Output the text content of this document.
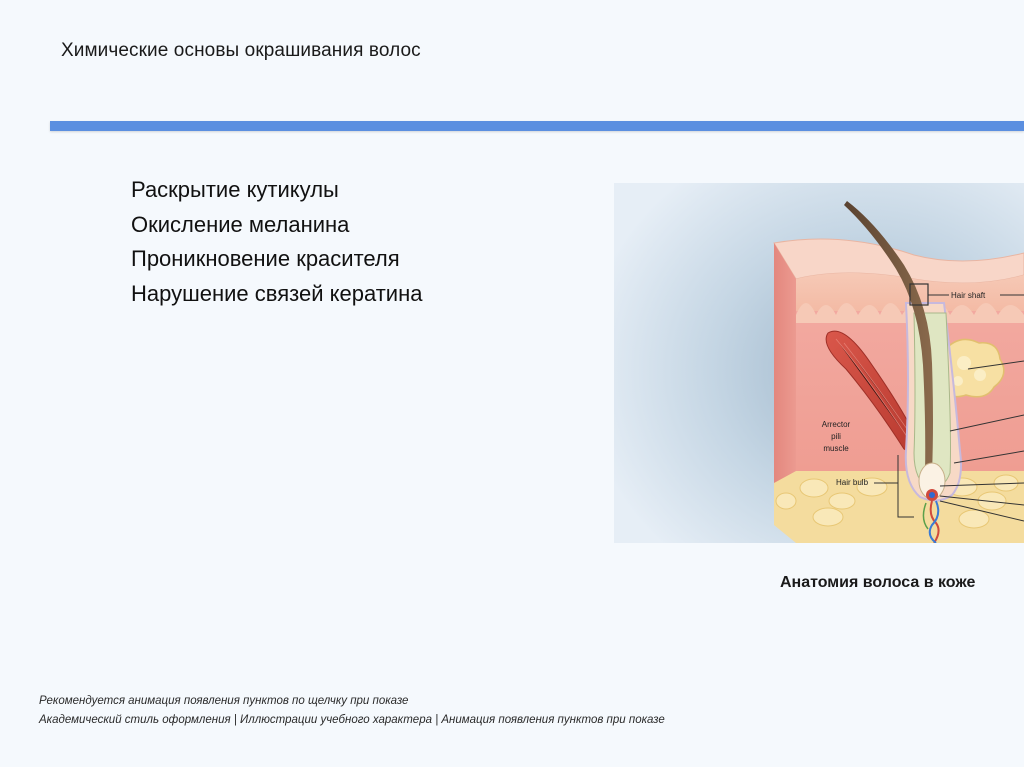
Химические основы окрашивания волос
Раскрытие кутикулы
Окисление меланина
Проникновение красителя
Нарушение связей кератина	Hair shaft
Arrector
pili
muscle
Hair bulb
Анатомия волоса в коже
Рекомендуется анимация появления пунктов по щелчку при показе
Академический стиль оформления | Иллюстрации учебного характера | Анимация появления пунктов при показе
